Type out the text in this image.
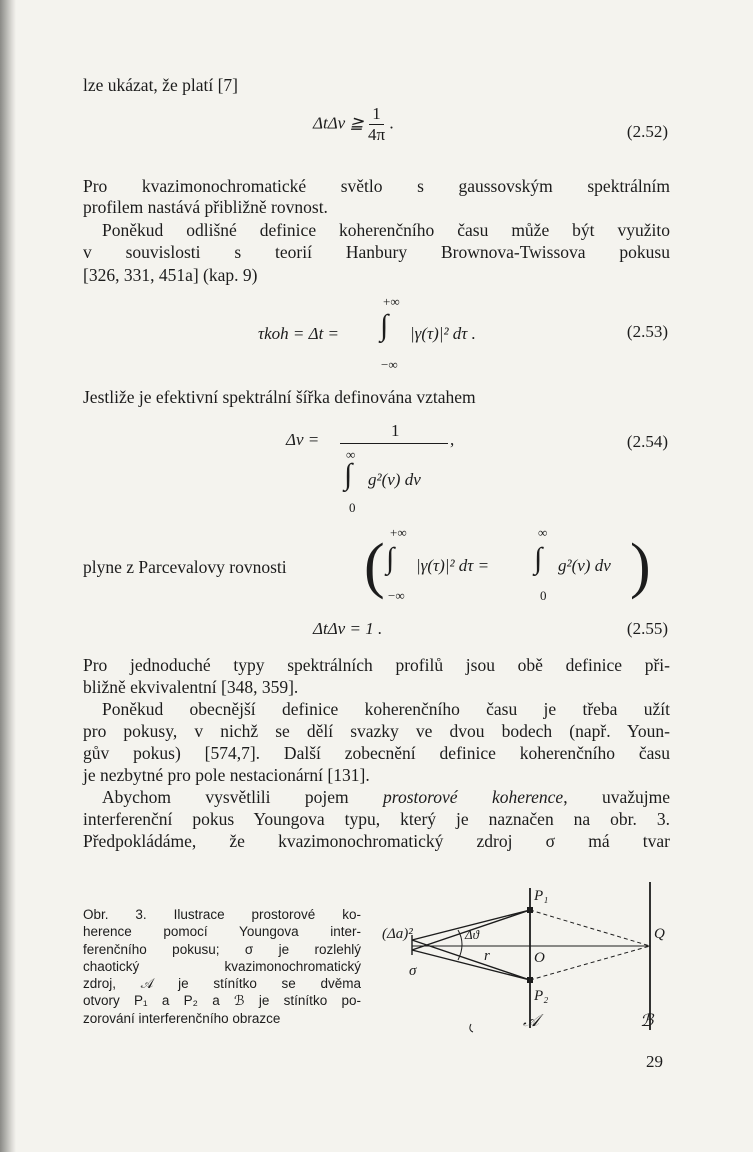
lze ukázat, že platí [7]
ΔtΔν ≧ $\frac{1}{4\pi}$ .	(2.52)
Pro kvazimonochromatické světlo s gaussovským spektrálním
profilem nastává přibližně rovnost.
Poněkud odlišné definice koherenčního času může být využito
v souvislosti s teorií Hanbury Brownova-Twissova pokusu
[326, 331, 451a] (kap. 9)
+∞
τkoh = Δt = ∫ |γ(τ)|² dτ .
−∞
(2.53)
Jestliže je efektivní spektrální šířka definována vztahem
Δν =	1	,
∞
∫ g²(ν) dν
0
(2.54)
plyne z Parcevalovy rovnosti ( +∞
∫ |γ(τ)|² dτ =
−∞
∞
∫ g²(ν) dν
0 )
ΔtΔν = 1 .	(2.55)
Pro jednoduché typy spektrálních profilů jsou obě definice při-
bližně ekvivalentní [348, 359].
Poněkud obecnější definice koherenčního času je třeba užít
pro pokusy, v nichž se dělí svazky ve dvou bodech (např. Youn-
gův pokus) [574,7]. Další zobecnění definice koherenčního času
je nezbytné pro pole nestacionární [131].
Abychom vysvětlili pojem prostorové koherence, uvažujme
interferenční pokus Youngova typu, který je naznačen na obr. 3.
Předpokládáme, že kvazimonochromatický zdroj σ má tvar
Obr. 3. Ilustrace prostorové ko-
herence pomocí Youngova inter-
ferenčního pokusu; σ je rozlehlý
chaotický kvazimonochromatický
zdroj, 𝒜 je stínítko se dvěma
otvory P₁ a P₂ a ℬ je stínítko po-
zorování interferenčního obrazce
(Δa)²
σ
Δϑ
r	O
P₁
P₂
Q
𝒜	ℬ
29
